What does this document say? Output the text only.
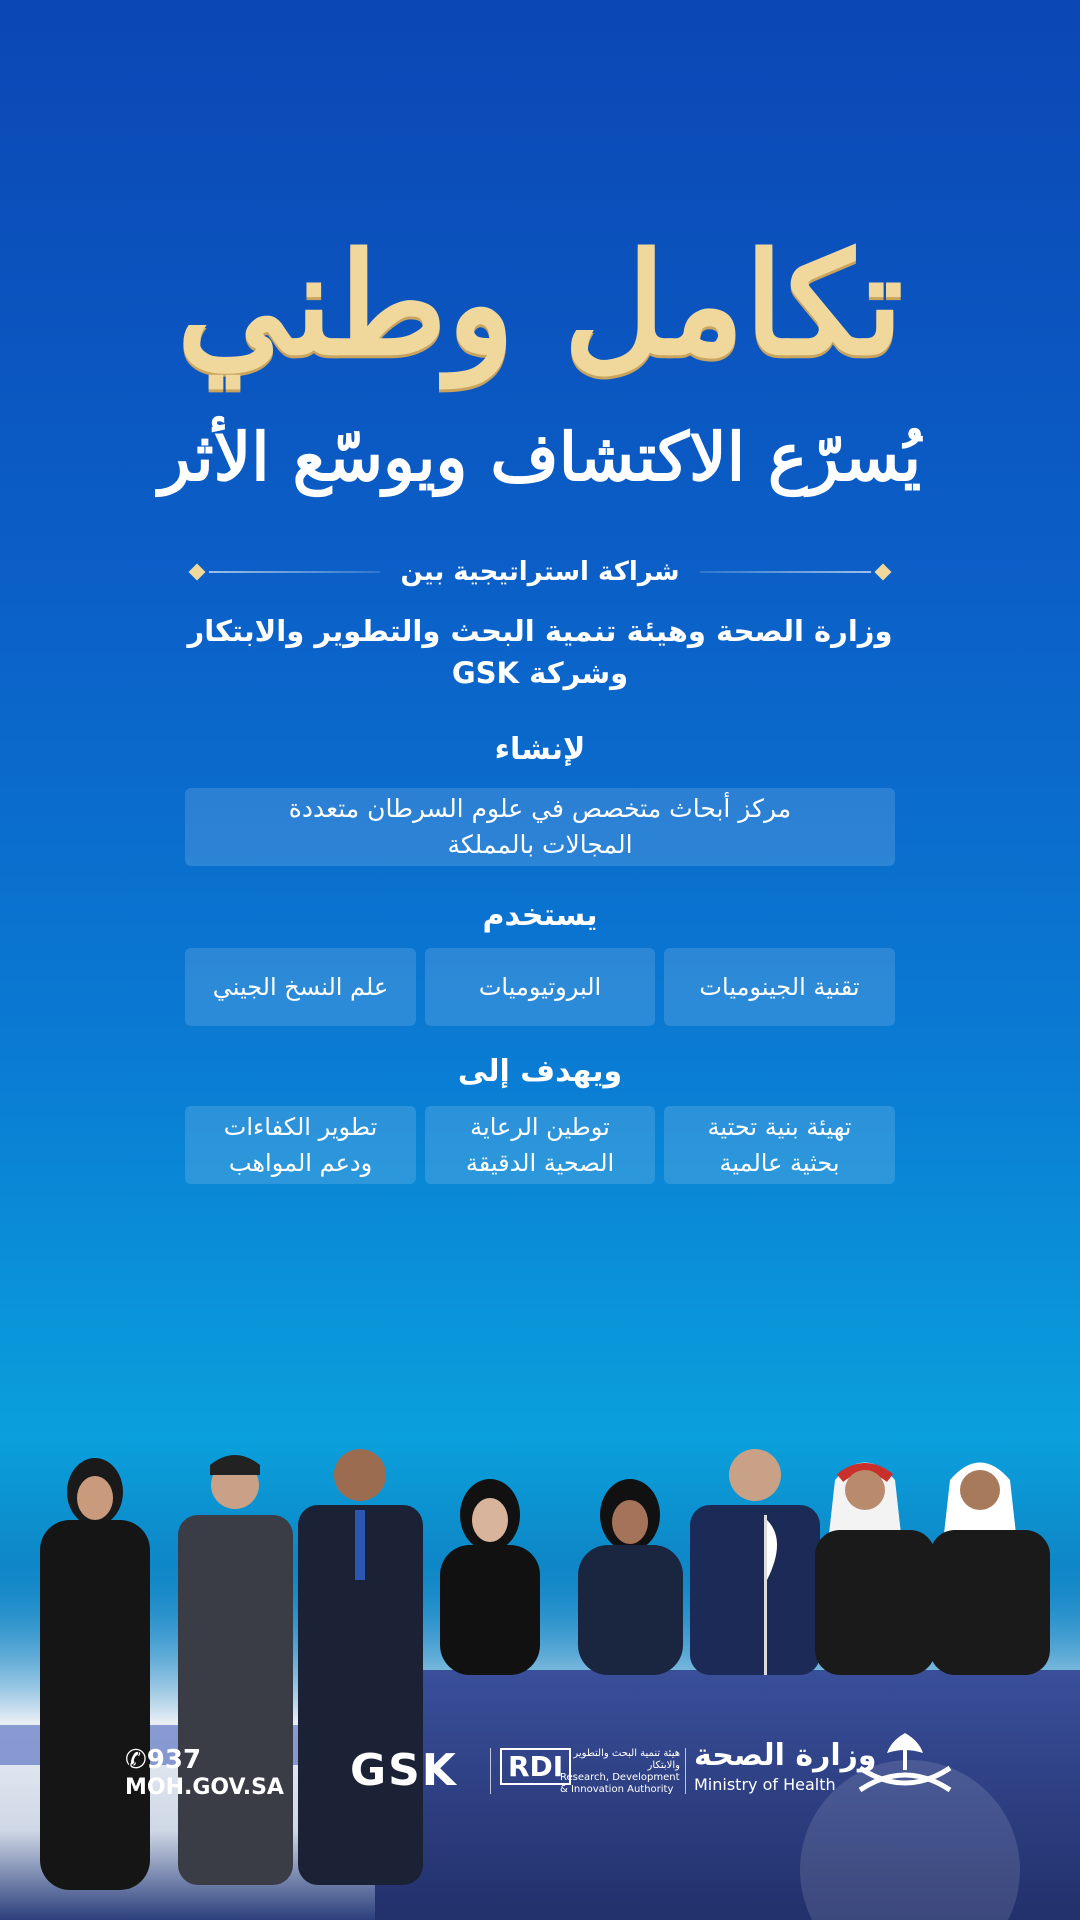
تكامل وطني
يُسرّع الاكتشاف ويوسّع الأثر
شراكة استراتيجية بين
وزارة الصحة وهيئة تنمية البحث والتطوير والابتكار
وشركة GSK
لإنشاء
مركز أبحاث متخصص في علوم السرطان متعددة
المجالات بالمملكة
يستخدم
تقنية الجينوميات
البروتيوميات
علم النسخ الجيني
ويهدف إلى
تهيئة بنية تحتية
بحثية عالمية
توطين الرعاية
الصحية الدقيقة
تطوير الكفاءات
ودعم المواهب
✆937
MOH.GOV.SA GSK RDI	هيئة تنمية البحث والتطوير والابتكار
Research, Development & Innovation Authority
وزارة الصحة
Ministry of Health
